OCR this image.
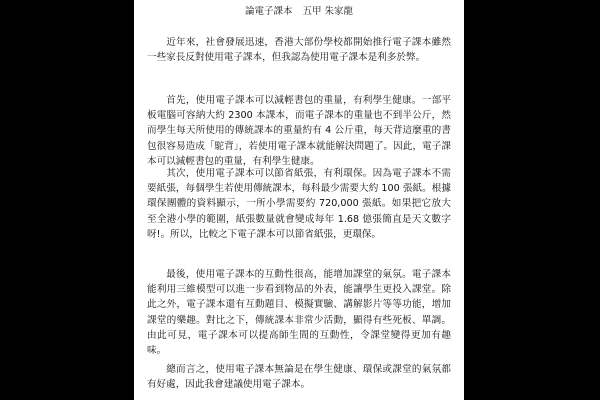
論電子課本 五甲 朱家龍

近年來，社會發展迅速，香港大部份學校都開始推行電子課本雖然一些家長反對使用電子課本，但我認為使用電子課本是利多於弊。

首先，使用電子課本可以減輕書包的重量，有利學生健康。一部平板電腦可容納大約 2300 本課本，而電子課本的重量也不到半公斤，然而學生每天所使用的傳統課本的重量約有 4 公斤重，每天背這麼重的書包很容易造成「駝背」，若使用電子課本就能解決問題了。因此，電子課本可以減輕書包的重量，有利學生健康。

其次，使用電子課本可以節省紙張，有利環保。因為電子課本不需要紙張，每個學生若使用傳統課本，每科最少需要大約 100 張紙。根據環保團體的資料顯示，一所小學需要約 720,000 張紙。如果把它放大至全港小學的範圍，紙張數量就會變成每年 1.68 億張簡直是天文數字呀!。所以，比較之下電子課本可以節省紙張，更環保。

最後，使用電子課本的互動性很高，能增加課堂的氣氛。電子課本能利用三維模型可以進一步看到物品的外表，能讓學生更投入課堂。除此之外，電子課本還有互動題目、模擬實驗、講解影片等等功能，增加課堂的樂趣。對比之下，傳統課本非常少活動，顯得有些死板、單調。由此可見，電子課本可以提高師生間的互動性，令課堂變得更加有趣味。

總而言之，使用電子課本無論是在學生健康、環保或課堂的氣氛都有好處，因此我會建議使用電子課本。
